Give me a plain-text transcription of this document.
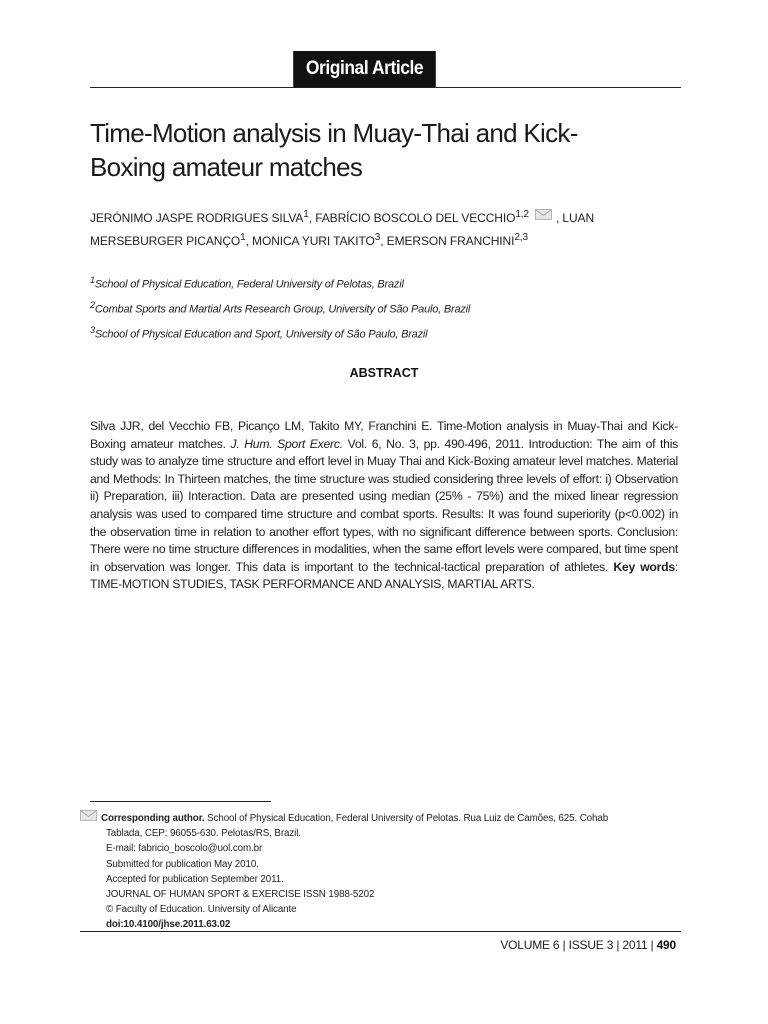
Original Article
Time-Motion analysis in Muay-Thai and Kick-
Boxing amateur matches
JERÓNIMO JASPE RODRIGUES SILVA$^1$, FABRÍCIO BOSCOLO DEL VECCHIO$^{1,2}$ , LUAN
MERSEBURGER PICANÇO$^1$, MONICA YURI TAKITO$^3$, EMERSON FRANCHINI$^{2,3}$
$^1$School of Physical Education, Federal University of Pelotas, Brazil
$^2$Combat Sports and Martial Arts Research Group, University of São Paulo, Brazil
$^3$School of Physical Education and Sport, University of São Paulo, Brazil
ABSTRACT
Silva JJR, del Vecchio FB, Picanço LM, Takito MY, Franchini E. Time-Motion analysis in Muay-Thai and Kick-Boxing amateur matches. J. Hum. Sport Exerc. Vol. 6, No. 3, pp. 490-496, 2011. Introduction: The aim of this study was to analyze time structure and effort level in Muay Thai and Kick-Boxing amateur level matches. Material and Methods: In Thirteen matches, the time structure was studied considering three levels of effort: i) Observation ii) Preparation, iii) Interaction. Data are presented using median (25% - 75%) and the mixed linear regression analysis was used to compared time structure and combat sports. Results: It was found superiority (p<0.002) in the observation time in relation to another effort types, with no significant difference between sports. Conclusion: There were no time structure differences in modalities, when the same effort levels were compared, but time spent in observation was longer. This data is important to the technical-tactical preparation of athletes. Key words: TIME-MOTION STUDIES, TASK PERFORMANCE AND ANALYSIS, MARTIAL ARTS.
Corresponding author. School of Physical Education, Federal University of Pelotas. Rua Luiz de Camões, 625. Cohab
Tablada, CEP: 96055-630. Pelotas/RS, Brazil.
E-mail: fabricio_boscolo@uol.com.br
Submitted for publication May 2010.
Accepted for publication September 2011.
JOURNAL OF HUMAN SPORT & EXERCISE ISSN 1988-5202
© Faculty of Education. University of Alicante
doi:10.4100/jhse.2011.63.02
VOLUME 6 | ISSUE 3 | 2011 | 490
